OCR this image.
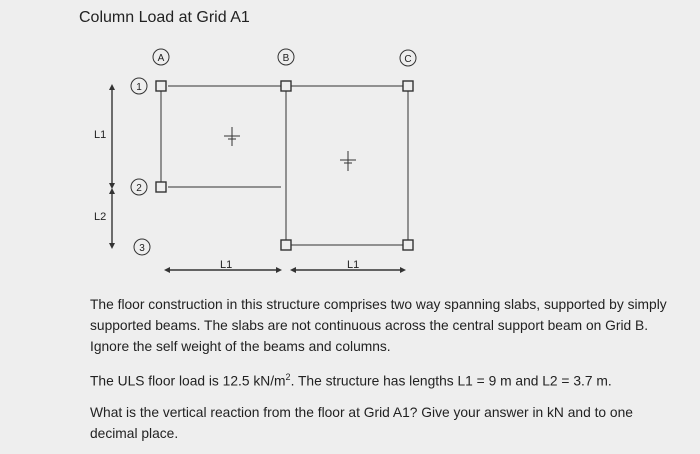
Column Load at Grid A1
A	B	C
1
2
3
L1
L2
L1	L1

The floor construction in this structure comprises two way spanning slabs, supported by simply supported beams. The slabs are not continuous across the central support beam on Grid B. Ignore the self weight of the beams and columns.

The ULS floor load is 12.5 $kN/m^2$. The structure has lengths L1 = 9 m and L2 = 3.7 m.

What is the vertical reaction from the floor at Grid A1? Give your answer in kN and to one decimal place.
